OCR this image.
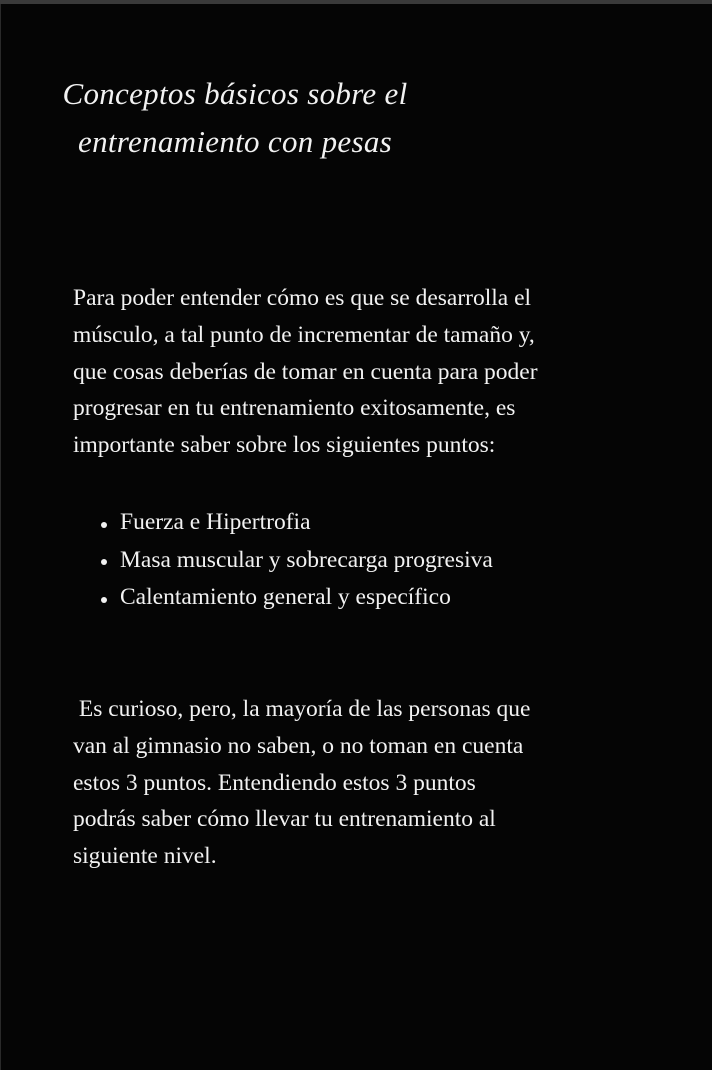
Conceptos básicos sobre el
entrenamiento con pesas

Para poder entender cómo es que se desarrolla el
músculo, a tal punto de incrementar de tamaño y,
que cosas deberías de tomar en cuenta para poder
progresar en tu entrenamiento exitosamente, es
importante saber sobre los siguientes puntos:

Fuerza e Hipertrofia
Masa muscular y sobrecarga progresiva
Calentamiento general y específico

Es curioso, pero, la mayoría de las personas que
van al gimnasio no saben, o no toman en cuenta
estos 3 puntos. Entendiendo estos 3 puntos
podrás saber cómo llevar tu entrenamiento al
siguiente nivel.
